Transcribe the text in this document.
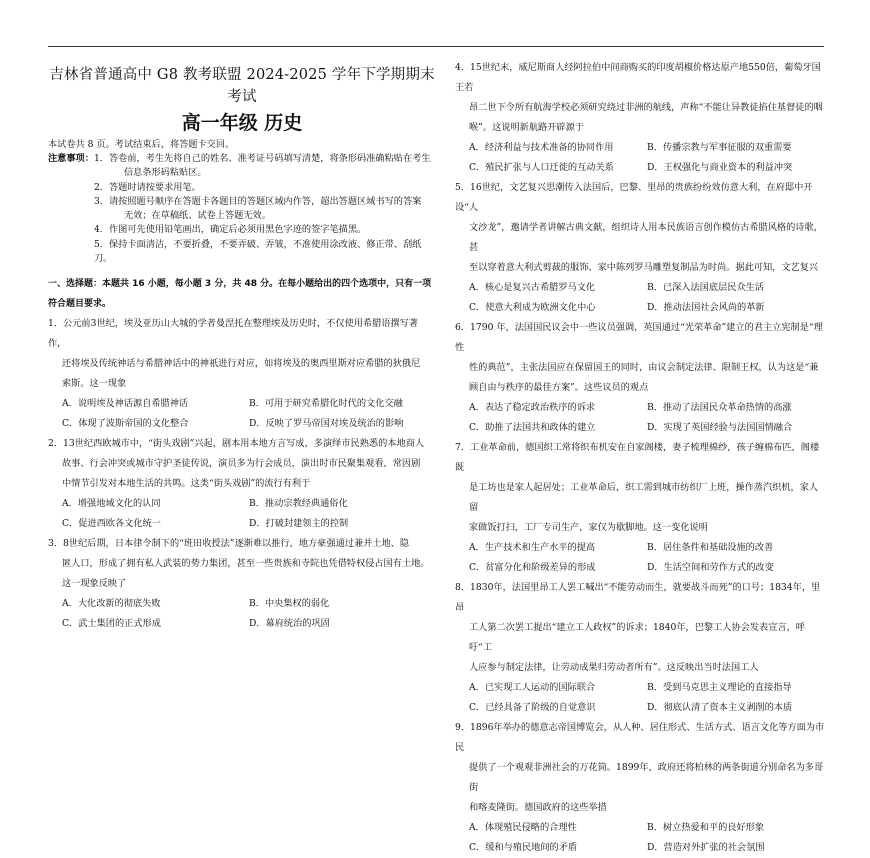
吉林省普通高中 G8 教考联盟 2024-2025 学年下学期期末考试
高一年级 历史
本试卷共 8 页。考试结束后，将答题卡交回。
注意事项： 1．答卷前，考生先将自己的姓名、准考证号码填写清楚，将条形码准确粘贴在考生
信息条形码粘贴区。
2．答题时请按要求用笔。
3．请按照题号顺序在答题卡各题目的答题区域内作答，超出答题区域书写的答案
无效；在草稿纸、试卷上答题无效。
4．作图可先使用铅笔画出，确定后必须用黑色字迹的签字笔描黑。
5．保持卡面清洁，不要折叠，不要弄破、弄皱，不准使用涂改液、修正带、刮纸刀。
一、选择题：本题共 16 小题，每小题 3 分，共 48 分。在每小题给出的四个选项中，只有一项
符合题目要求。
1．公元前3世纪，埃及亚历山大城的学者曼涅托在整理埃及历史时，不仅使用希腊语撰写著作，
还将埃及传统神话与希腊神话中的神祇进行对应，如将埃及的奥西里斯对应希腊的狄俄尼
索斯。这一现象
A．说明埃及神话源自希腊神话	B．可用于研究希腊化时代的文化交融
C．体现了波斯帝国的文化整合	D．反映了罗马帝国对埃及统治的影响
2．13世纪西欧城市中，“街头戏剧”兴起，剧本用本地方言写成，多演绎市民熟悉的本地商人
故事、行会冲突或城市守护圣徒传说，演员多为行会成员，演出时市民聚集观看，常因剧
中情节引发对本地生活的共鸣。这类“街头戏剧”的流行有利于
A．增强地域文化的认同	B．推动宗教经典通俗化
C．促进西欧各文化统一	D．打破封建领主的控制
3．8世纪后期，日本律令制下的“班田收授法”逐渐难以推行，地方豪强通过兼并土地、隐
匿人口，形成了拥有私人武装的势力集团，甚至一些贵族和寺院也凭借特权侵占国有土地。
这一现象反映了
A．大化改新的彻底失败	B．中央集权的弱化
C．武士集团的正式形成	D．幕府统治的巩固
4．15世纪末，威尼斯商人经阿拉伯中间商购买的印度胡椒价格达原产地550倍，葡萄牙国王若
昂二世下令所有航海学校必须研究绕过非洲的航线，声称“不能让异教徒掐住基督徒的咽
喉”。这说明新航路开辟源于
A．经济利益与技术准备的协同作用	B．传播宗教与军事征服的双重需要
C．殖民扩张与人口迁徙的互动关系	D．王权强化与商业资本的利益冲突
5．16世纪，文艺复兴思潮传入法国后，巴黎、里昂的贵族纷纷效仿意大利，在府邸中开设“人
文沙龙”，邀请学者讲解古典文献，组织诗人用本民族语言创作模仿古希腊风格的诗歌，甚
至以穿着意大利式剪裁的服饰、家中陈列罗马雕塑复制品为时尚。据此可知，文艺复兴
A．核心是复兴古希腊罗马文化	B．已深入法国底层民众生活
C．使意大利成为欧洲文化中心	D．推动法国社会风尚的革新
6．1790 年，法国国民议会中一些议员强调，英国通过“光荣革命”建立的君主立宪制是“理性
性的典范”，主张法国应在保留国王的同时，由议会制定法律、限制王权，认为这是“兼
顾自由与秩序的最佳方案”。这些议员的观点
A．表达了稳定政治秩序的诉求	B．推动了法国民众革命热情的高涨
C．助推了法国共和政体的建立	D．实现了英国经验与法国国情融合
7．工业革命前，德国织工常将织布机安在自家阁楼，妻子梳理棉纱，孩子缠棉布匹，阁楼既
是工坊也是家人起居处；工业革命后，织工需到城市纺织厂上班，操作蒸汽织机，家人留
家做饭打扫，工厂专司生产，家仅为歇脚地。这一变化说明
A．生产技术和生产水平的提高	B．居住条件和基础设施的改善
C．贫富分化和阶级差异的形成	D．生活空间和劳作方式的改变
8．1830年，法国里昂工人罢工喊出“不能劳动而生，就要战斗而死”的口号；1834年，里昂
工人第二次罢工提出“建立工人政权”的诉求；1840年，巴黎工人协会发表宣言，呼吁“工
人应参与制定法律，让劳动成果归劳动者所有”。这反映出当时法国工人
A．已实现工人运动的国际联合	B．受到马克思主义理论的直接指导
C．已经具备了阶级的自觉意识	D．彻底认清了资本主义剥削的本质
9．1896年举办的德意志帝国博览会，从人种、居住形式、生活方式、语言文化等方面为市民
提供了一个观观非洲社会的万花筒。1899年，政府还将柏林的两条街道分别命名为多哥街
和喀麦隆街。德国政府的这些举措
A．体现殖民侵略的合理性	B．树立热爱和平的良好形象
C．缓和与殖民地间的矛盾	D．营造对外扩张的社会氛围
